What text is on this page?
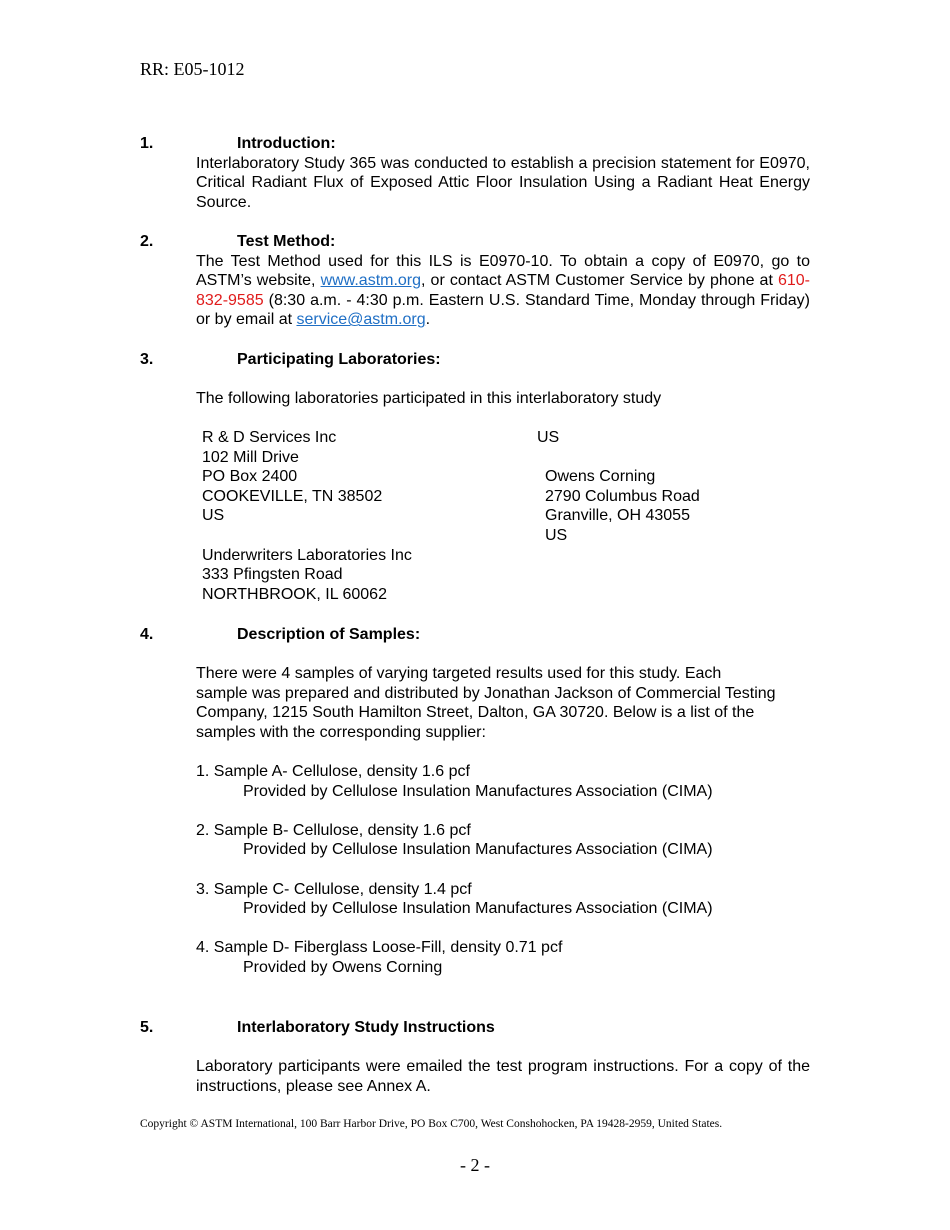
RR: E05-1012
1.	Introduction:
Interlaboratory Study 365 was conducted to establish a precision statement for E0970, Critical Radiant Flux of Exposed Attic Floor Insulation Using a Radiant Heat Energy Source.
2.	Test Method:
The Test Method used for this ILS is E0970-10. To obtain a copy of E0970, go to ASTM’s website, www.astm.org, or contact ASTM Customer Service by phone at 610-832-9585 (8:30 a.m. - 4:30 p.m. Eastern U.S. Standard Time, Monday through Friday) or by email at service@astm.org.
3.	Participating Laboratories:
The following laboratories participated in this interlaboratory study
R & D Services Inc
102 Mill Drive
PO Box 2400
COOKEVILLE, TN 38502
US
Underwriters Laboratories Inc
333 Pfingsten Road
NORTHBROOK, IL 60062
US
Owens Corning
2790 Columbus Road
Granville, OH 43055
US
4.	Description of Samples:
There were 4 samples of varying targeted results used for this study. Each sample was prepared and distributed by Jonathan Jackson of Commercial Testing Company, 1215 South Hamilton Street, Dalton, GA 30720. Below is a list of the samples with the corresponding supplier:
1. Sample A- Cellulose, density 1.6 pcf
Provided by Cellulose Insulation Manufactures Association (CIMA)
2. Sample B- Cellulose, density 1.6 pcf
Provided by Cellulose Insulation Manufactures Association (CIMA)
3. Sample C- Cellulose, density 1.4 pcf
Provided by Cellulose Insulation Manufactures Association (CIMA)
4. Sample D- Fiberglass Loose-Fill, density 0.71 pcf
Provided by Owens Corning
5.	Interlaboratory Study Instructions
Laboratory participants were emailed the test program instructions. For a copy of the instructions, please see Annex A.
Copyright © ASTM International, 100 Barr Harbor Drive, PO Box C700, West Conshohocken, PA 19428-2959, United States.
- 2 -
